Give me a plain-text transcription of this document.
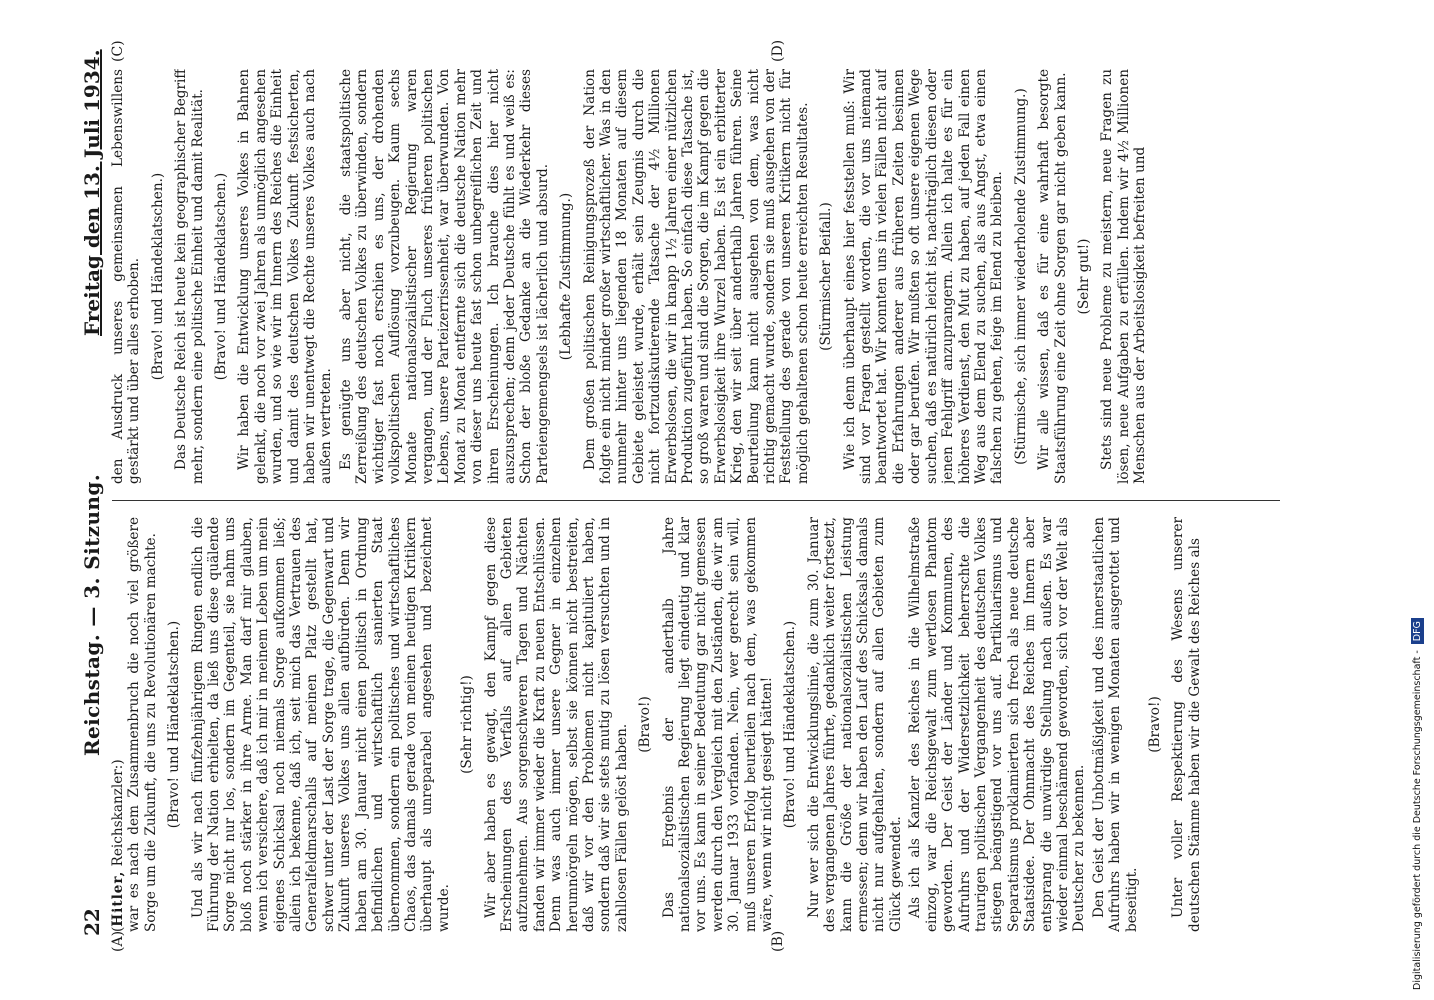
22
Reichstag. — 3. Sitzung.
Freitag den 13. Juli 1934.
(A)	(B)
(C)	(D)

(Hitler, Reichskanzler:) war es nach dem Zusammenbruch die noch viel größere Sorge um die Zukunft, die uns zu Revolutionären machte. (Bravo! und Händeklatschen.) Und als wir nach fünfzehnjährigem Ringen endlich die Führung der Nation erhielten, da ließ uns diese quälende Sorge nicht nur los, sondern im Gegenteil, sie nahm uns bloß noch stärker in ihre Arme. Man darf mir glauben, wenn ich versichere, daß ich mir in meinem Leben um mein eigenes Schicksal noch niemals Sorge aufkommen ließ; allein ich bekenne, daß ich, seit mich das Vertrauen des Generalfeldmarschalls auf meinen Platz gestellt hat, schwer unter der Last der Sorge trage, die Gegenwart und Zukunft unseres Volkes uns allen aufbürden. Denn wir haben am 30. Januar nicht einen politisch in Ordnung befindlichen und wirtschaftlich sanierten Staat übernommen, sondern ein politisches und wirtschaftliches Chaos, das damals gerade von meinen heutigen Kritikern überhaupt als unreparabel angesehen und bezeichnet wurde.

(Sehr richtig!) Wir aber haben es gewagt, den Kampf gegen diese Erscheinungen des Verfalls auf allen Gebieten aufzunehmen. Aus sorgenschweren Tagen und Nächten fanden wir immer wieder die Kraft zu neuen Entschlüssen. Denn was auch immer unsere Gegner in einzelnen herumnörgeln mögen, selbst sie können nicht bestreiten, daß wir vor den Problemen nicht kapituliert haben, sondern daß wir sie stets mutig zu lösen versuchten und in zahllosen Fällen gelöst haben. (Bravo!) Das Ergebnis der anderthalb Jahre nationalsozialistischen Regierung liegt eindeutig und klar vor uns. Es kann in seiner Bedeutung gar nicht gemessen werden durch den Vergleich mit den Zuständen, die wir am 30. Januar 1933 vorfanden. Nein, wer gerecht sein will, muß unseren Erfolg beurteilen nach dem, was gekommen wäre, wenn wir nicht gesiegt hätten! (Bravo! und Händeklatschen.) Nur wer sich die Entwicklungslinie, die zum 30. Januar des vergangenen Jahres führte, gedanklich weiter fortsetzt, kann die Größe der nationalsozialistischen Leistung ermessen; denn wir haben den Lauf des Schicksals damals nicht nur aufgehalten, sondern auf allen Gebieten zum Glück gewendet. Als ich als Kanzler des Reiches in die Wilhelmstraße einzog, war die Reichsgewalt zum wertlosen Phantom geworden. Der Geist der Länder und Kommunen, des Aufruhrs und der Widersetzlichkeit beherrschte die traurigen politischen Vergangenheit des deutschen Volkes stiegen beängstigend vor uns auf. Partikularismus und Separatismus proklamierten sich frech als neue deutsche Staatsidee. Der Ohnmacht des Reiches im Innern aber entsprang die unwürdige Stellung nach außen. Es war wieder einmal beschämend geworden, sich vor der Welt als Deutscher zu bekennen. Den Geist der Unbotmäßigkeit und des innerstaatlichen Aufruhrs haben wir in wenigen Monaten ausgerottet und beseitigt.

(Bravo!) Unter voller Respektierung des Wesens unserer deutschen Stämme haben wir die Gewalt des Reiches als

den Ausdruck unseres gemeinsamen Lebenswillens gestärkt und über alles erhoben. (Bravo! und Händeklatschen.) Das Deutsche Reich ist heute kein geographischer Begriff mehr, sondern eine politische Einheit und damit Realität. (Bravo! und Händeklatschen.) Wir haben die Entwicklung unseres Volkes in Bahnen gelenkt, die noch vor zwei Jahren als unmöglich angesehen wurden, und so wie wir im Innern des Reiches die Einheit und damit des deutschen Volkes Zukunft festsicherten, haben wir unentwegt die Rechte unseres Volkes auch nach außen vertreten. Es genügte uns aber nicht, die staatspolitische Zerreißung des deutschen Volkes zu überwinden, sondern wichtiger fast noch erschien es uns, der drohenden volkspolitischen Auflösung vorzubeugen. Kaum sechs Monate nationalsozialistischer Regierung waren vergangen, und der Fluch unseres früheren politischen Lebens, unsere Parteizerrissenheit, war überwunden. Von Monat zu Monat entfernte sich die deutsche Nation mehr von dieser uns heute fast schon unbegreiflichen Zeit und ihren Erscheinungen. Ich brauche dies hier nicht auszusprechen; denn jeder Deutsche fühlt es und weiß es: Schon der bloße Gedanke an die Wiederkehr dieses Parteiengemengsels ist lächerlich und absurd. (Lebhafte Zustimmung.) Dem großen politischen Reinigungsprozeß der Nation folgte ein nicht minder großer wirtschaftlicher. Was in den nunmehr hinter uns liegenden 18 Monaten auf diesem Gebiete geleistet wurde, erhält sein Zeugnis durch die nicht fortzudiskutierende Tatsache der 4½ Millionen Erwerbslosen, die wir in knapp 1½ Jahren einer nützlichen Produktion zugeführt haben. So einfach diese Tatsache ist, so groß waren und sind die Sorgen, die im Kampf gegen die Erwerbslosigkeit ihre Wurzel haben. Es ist ein erbitterter Krieg, den wir seit über anderthalb Jahren führen. Seine Beurteilung kann nicht ausgehen von dem, was nicht richtig gemacht wurde, sondern sie muß ausgehen von der Feststellung des gerade von unseren Kritikern nicht für möglich gehaltenen schon heute erreichten Resultates. (Stürmischer Beifall.) Wie ich denn überhaupt eines hier feststellen muß: Wir sind vor Fragen gestellt worden, die vor uns niemand beantwortet hat. Wir konnten uns in vielen Fällen nicht auf die Erfahrungen anderer aus früheren Zeiten besinnen oder gar berufen. Wir mußten so oft unsere eigenen Wege suchen, daß es natürlich leicht ist, nachträglich diesen oder jenen Fehlgriff anzuprangern. Allein ich halte es für ein höheres Verdienst, den Mut zu haben, auf jeden Fall einen Weg aus dem Elend zu suchen, als aus Angst, etwa einen falschen zu gehen, feige im Elend zu bleiben. (Stürmische, sich immer wiederholende Zustimmung.) Wir alle wissen, daß es für eine wahrhaft besorgte Staatsführung eine Zeit ohne Sorgen gar nicht geben kann. (Sehr gut!) Stets sind neue Probleme zu meistern, neue Fragen zu lösen, neue Aufgaben zu erfüllen. Indem wir 4½ Millionen Menschen aus der Arbeitslosigkeit befreiten und

Digitalisierung gefördert durch die Deutsche Forschungsgemeinschaft -DFG
